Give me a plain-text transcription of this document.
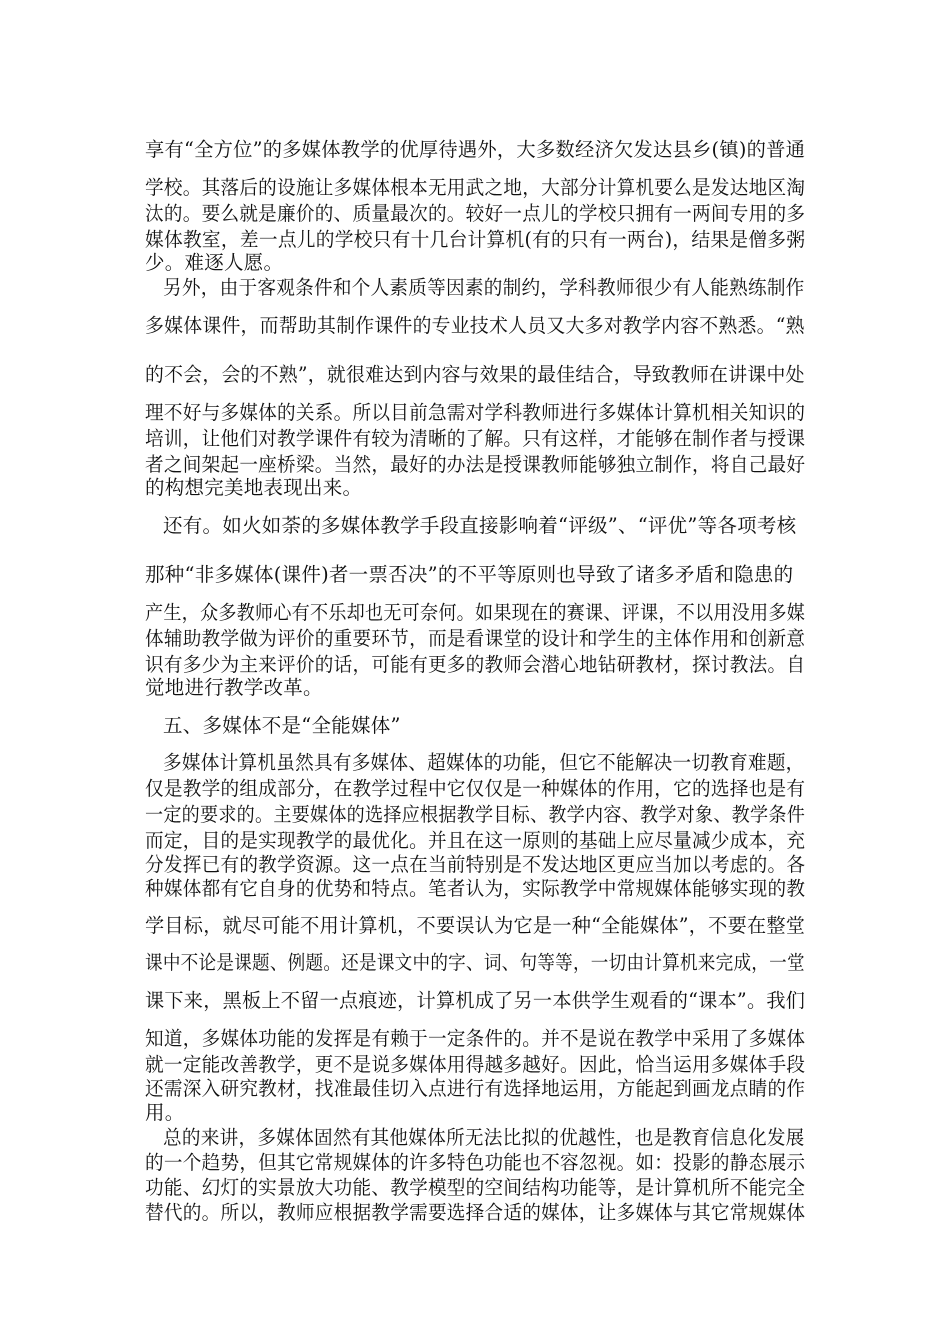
享有“全方位”的多媒体教学的优厚待遇外，大多数经济欠发达县乡(镇)的普通
学校。其落后的设施让多媒体根本无用武之地，大部分计算机要么是发达地区淘
汰的。要么就是廉价的、质量最次的。较好一点儿的学校只拥有一两间专用的多
媒体教室，差一点儿的学校只有十几台计算机(有的只有一两台)，结果是僧多粥
少。难逐人愿。
另外，由于客观条件和个人素质等因素的制约，学科教师很少有人能熟练制作
多媒体课件，而帮助其制作课件的专业技术人员又大多对教学内容不熟悉。“熟
的不会，会的不熟”，就很难达到内容与效果的最佳结合，导致教师在讲课中处
理不好与多媒体的关系。所以目前急需对学科教师进行多媒体计算机相关知识的
培训，让他们对教学课件有较为清晰的了解。只有这样，才能够在制作者与授课
者之间架起一座桥梁。当然，最好的办法是授课教师能够独立制作，将自己最好
的构想完美地表现出来。
还有。如火如荼的多媒体教学手段直接影响着“评级”、“评优”等各项考核
那种“非多媒体(课件)者一票否决”的不平等原则也导致了诸多矛盾和隐患的
产生，众多教师心有不乐却也无可奈何。如果现在的赛课、评课，不以用没用多媒
体辅助教学做为评价的重要环节，而是看课堂的设计和学生的主体作用和创新意
识有多少为主来评价的话，可能有更多的教师会潜心地钻研教材，探讨教法。自
觉地进行教学改革。
五、多媒体不是“全能媒体”
多媒体计算机虽然具有多媒体、超媒体的功能，但它不能解决一切教育难题，
仅是教学的组成部分，在教学过程中它仅仅是一种媒体的作用，它的选择也是有
一定的要求的。主要媒体的选择应根据教学目标、教学内容、教学对象、教学条件
而定，目的是实现教学的最优化。并且在这一原则的基础上应尽量减少成本，充
分发挥已有的教学资源。这一点在当前特别是不发达地区更应当加以考虑的。各
种媒体都有它自身的优势和特点。笔者认为，实际教学中常规媒体能够实现的教
学目标，就尽可能不用计算机，不要误认为它是一种“全能媒体”，不要在整堂
课中不论是课题、例题。还是课文中的字、词、句等等，一切由计算机来完成，一堂
课下来，黑板上不留一点痕迹，计算机成了另一本供学生观看的“课本”。我们
知道，多媒体功能的发挥是有赖于一定条件的。并不是说在教学中采用了多媒体
就一定能改善教学，更不是说多媒体用得越多越好。因此，恰当运用多媒体手段
还需深入研究教材，找准最佳切入点进行有选择地运用，方能起到画龙点睛的作
用。
总的来讲，多媒体固然有其他媒体所无法比拟的优越性，也是教育信息化发展
的一个趋势，但其它常规媒体的许多特色功能也不容忽视。如：投影的静态展示
功能、幻灯的实景放大功能、教学模型的空间结构功能等，是计算机所不能完全
替代的。所以，教师应根据教学需要选择合适的媒体，让多媒体与其它常规媒体
